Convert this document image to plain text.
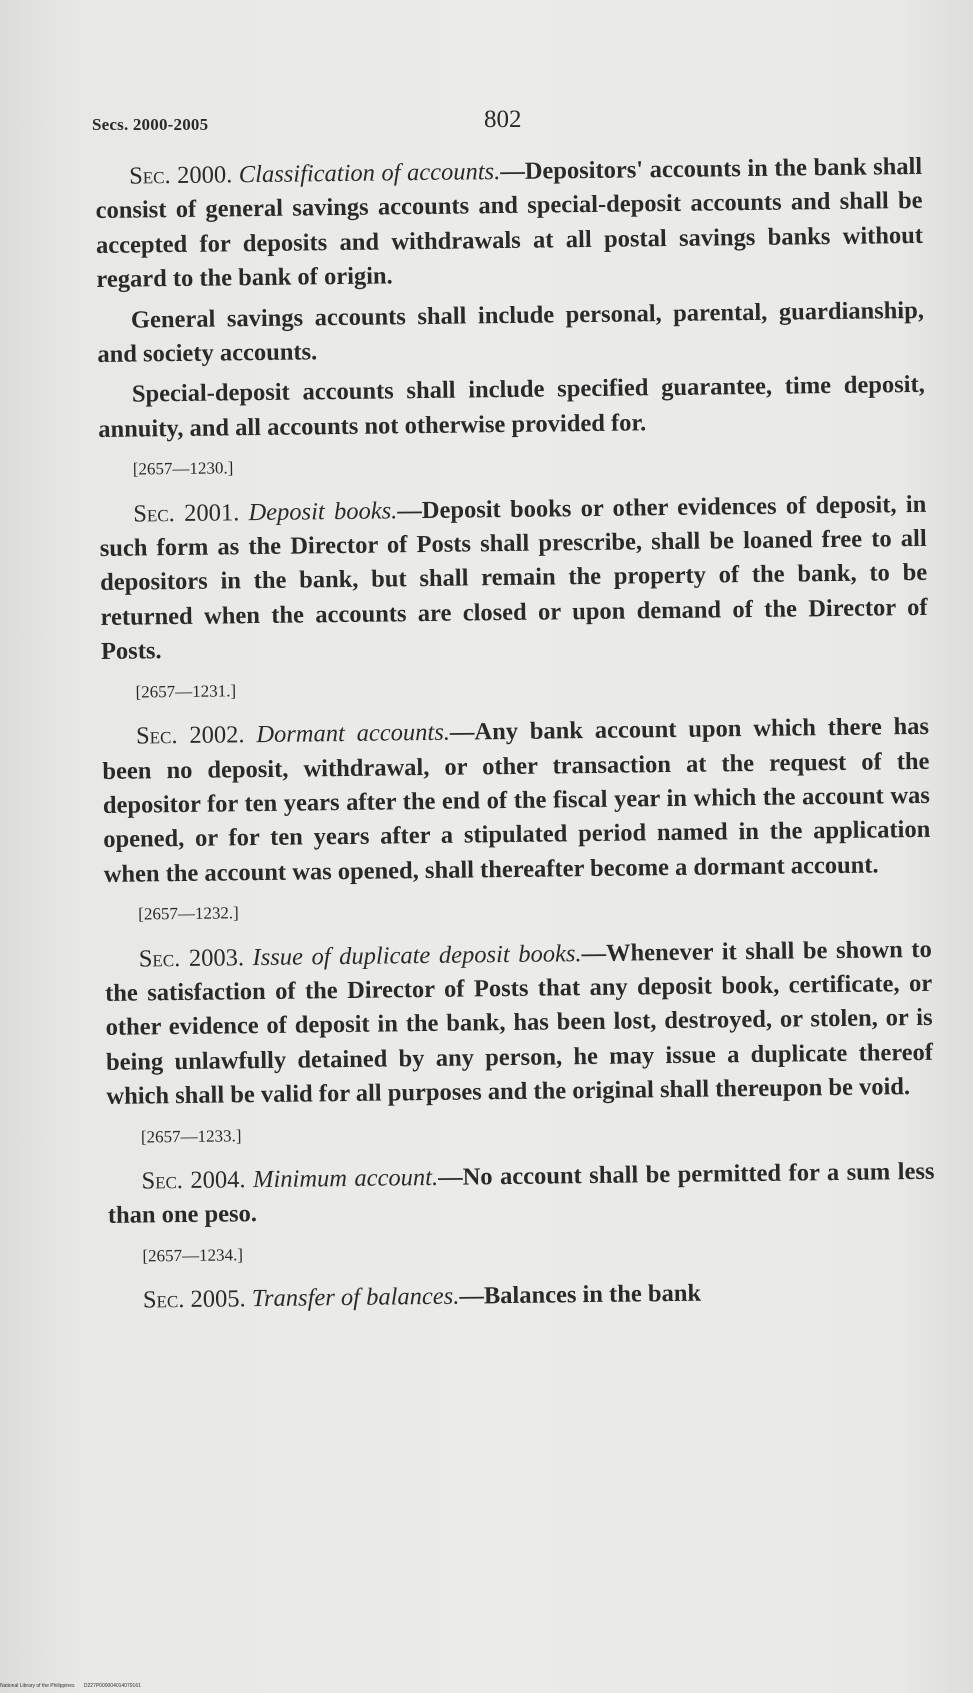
Secs. 2000-2005	802

Sec. 2000. Classification of accounts.—Depositors' accounts in the bank shall consist of general savings accounts and special-deposit accounts and shall be accepted for deposits and withdrawals at all postal savings banks without regard to the bank of origin.

General savings accounts shall include personal, parental, guardianship, and society accounts.

Special-deposit accounts shall include specified guarantee, time deposit, annuity, and all accounts not otherwise provided for.

[2657—1230.]

Sec. 2001. Deposit books.—Deposit books or other evidences of deposit, in such form as the Director of Posts shall prescribe, shall be loaned free to all depositors in the bank, but shall remain the property of the bank, to be returned when the accounts are closed or upon demand of the Director of Posts.

[2657—1231.]

Sec. 2002. Dormant accounts.—Any bank account upon which there has been no deposit, withdrawal, or other transaction at the request of the depositor for ten years after the end of the fiscal year in which the account was opened, or for ten years after a stipulated period named in the application when the account was opened, shall thereafter become a dormant account.

[2657—1232.]

Sec. 2003. Issue of duplicate deposit books.—Whenever it shall be shown to the satisfaction of the Director of Posts that any deposit book, certificate, or other evidence of deposit in the bank, has been lost, destroyed, or stolen, or is being unlawfully detained by any person, he may issue a duplicate thereof which shall be valid for all purposes and the original shall thereupon be void.

[2657—1233.]

Sec. 2004. Minimum account.—No account shall be permitted for a sum less than one peso.

[2657—1234.]

Sec. 2005. Transfer of balances.—Balances in the bank

National Library of the Philippines D227P000004014079161
